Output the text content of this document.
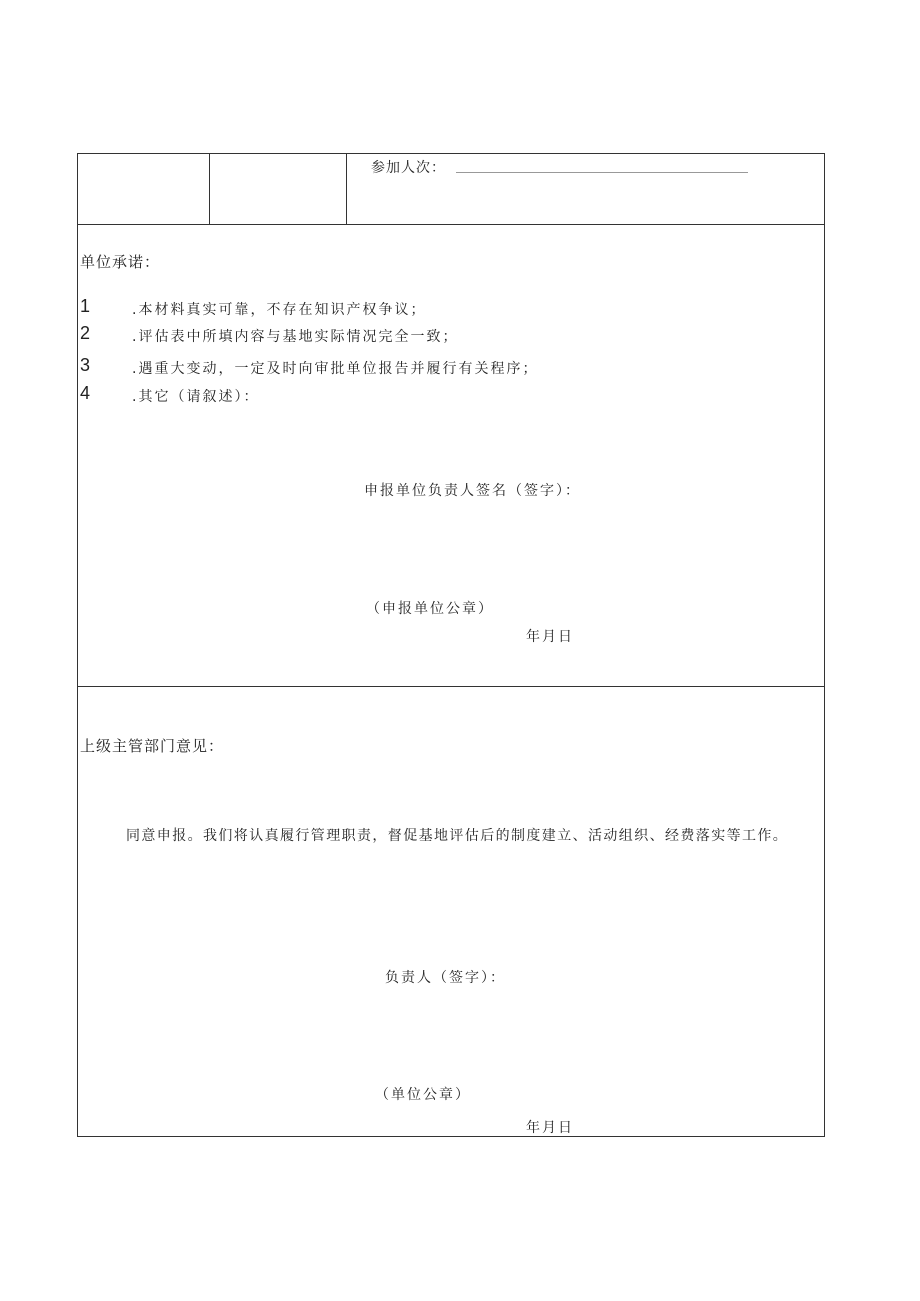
参加人次：
单位承诺：
1	.本材料真实可靠，不存在知识产权争议；
2	.评估表中所填内容与基地实际情况完全一致；
3	.遇重大变动，一定及时向审批单位报告并履行有关程序；
4	.其它（请叙述）：
申报单位负责人签名（签字）：
（申报单位公章）
年月日
上级主管部门意见：
同意申报。我们将认真履行管理职责，督促基地评估后的制度建立、活动组织、经费落实等工作。
负责人（签字）：
（单位公章）
年月日
